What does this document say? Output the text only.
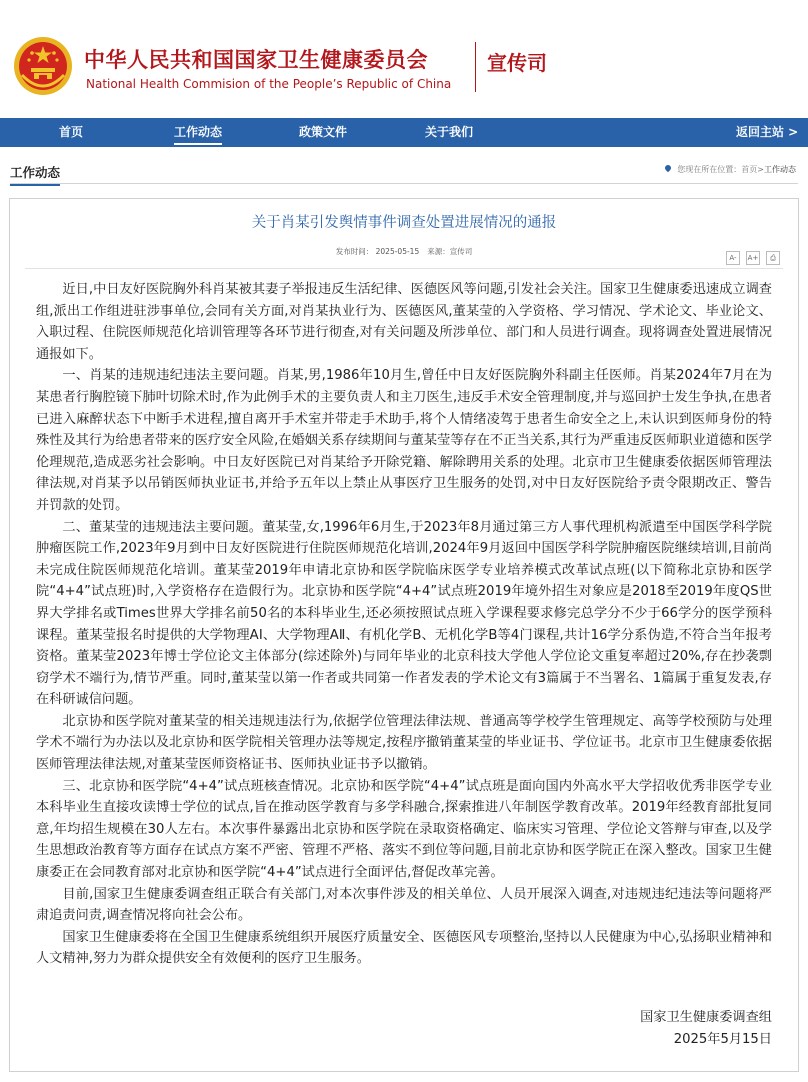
中华人民共和国国家卫生健康委员会
National Health Commision of the People’s Republic of China
宣传司
首页	工作动态	政策文件	关于我们	返回主站 >
工作动态	您现在所在位置：首页>工作动态
关于肖某引发舆情事件调查处置进展情况的通报
发布时间： 2025-05-15 来源：宣传司
A- A+ ⎙

近日,中日友好医院胸外科肖某被其妻子举报违反生活纪律、医德医风等问题,引发社会关注。国家卫生健康委迅速成立调查组,派出工作组进驻涉事单位,会同有关方面,对肖某执业行为、医德医风,董某莹的入学资格、学习情况、学术论文、毕业论文、入职过程、住院医师规范化培训管理等各环节进行彻查,对有关问题及所涉单位、部门和人员进行调查。现将调查处置进展情况通报如下。

一、肖某的违规违纪违法主要问题。肖某,男,1986年10月生,曾任中日友好医院胸外科副主任医师。肖某2024年7月在为某患者行胸腔镜下肺叶切除术时,作为此例手术的主要负责人和主刀医生,违反手术安全管理制度,并与巡回护士发生争执,在患者已进入麻醉状态下中断手术进程,擅自离开手术室并带走手术助手,将个人情绪凌驾于患者生命安全之上,未认识到医师身份的特殊性及其行为给患者带来的医疗安全风险,在婚姻关系存续期间与董某莹等存在不正当关系,其行为严重违反医师职业道德和医学伦理规范,造成恶劣社会影响。中日友好医院已对肖某给予开除党籍、解除聘用关系的处理。北京市卫生健康委依据医师管理法律法规,对肖某予以吊销医师执业证书,并给予五年以上禁止从事医疗卫生服务的处罚,对中日友好医院给予责令限期改正、警告并罚款的处罚。

二、董某莹的违规违法主要问题。董某莹,女,1996年6月生,于2023年8月通过第三方人事代理机构派遣至中国医学科学院肿瘤医院工作,2023年9月到中日友好医院进行住院医师规范化培训,2024年9月返回中国医学科学院肿瘤医院继续培训,目前尚未完成住院医师规范化培训。董某莹2019年申请北京协和医学院临床医学专业培养模式改革试点班(以下简称北京协和医学院“4+4”试点班)时,入学资格存在造假行为。北京协和医学院“4+4”试点班2019年境外招生对象应是2018至2019年度QS世界大学排名或Times世界大学排名前50名的本科毕业生,还必须按照试点班入学课程要求修完总学分不少于66学分的医学预科课程。董某莹报名时提供的大学物理AⅠ、大学物理AⅡ、有机化学B、无机化学B等4门课程,共计16学分系伪造,不符合当年报考资格。董某莹2023年博士学位论文主体部分(综述除外)与同年毕业的北京科技大学他人学位论文重复率超过20%,存在抄袭剽窃学术不端行为,情节严重。同时,董某莹以第一作者或共同第一作者发表的学术论文有3篇属于不当署名、1篇属于重复发表,存在科研诚信问题。

北京协和医学院对董某莹的相关违规违法行为,依据学位管理法律法规、普通高等学校学生管理规定、高等学校预防与处理学术不端行为办法以及北京协和医学院相关管理办法等规定,按程序撤销董某莹的毕业证书、学位证书。北京市卫生健康委依据医师管理法律法规,对董某莹医师资格证书、医师执业证书予以撤销。

三、北京协和医学院“4+4”试点班核查情况。北京协和医学院“4+4”试点班是面向国内外高水平大学招收优秀非医学专业本科毕业生直接攻读博士学位的试点,旨在推动医学教育与多学科融合,探索推进八年制医学教育改革。2019年经教育部批复同意,年均招生规模在30人左右。本次事件暴露出北京协和医学院在录取资格确定、临床实习管理、学位论文答辩与审查,以及学生思想政治教育等方面存在试点方案不严密、管理不严格、落实不到位等问题,目前北京协和医学院正在深入整改。国家卫生健康委正在会同教育部对北京协和医学院“4+4”试点进行全面评估,督促改革完善。

目前,国家卫生健康委调查组正联合有关部门,对本次事件涉及的相关单位、人员开展深入调查,对违规违纪违法等问题将严肃追责问责,调查情况将向社会公布。

国家卫生健康委将在全国卫生健康系统组织开展医疗质量安全、医德医风专项整治,坚持以人民健康为中心,弘扬职业精神和人文精神,努力为群众提供安全有效便利的医疗卫生服务。

国家卫生健康委调查组
2025年5月15日
